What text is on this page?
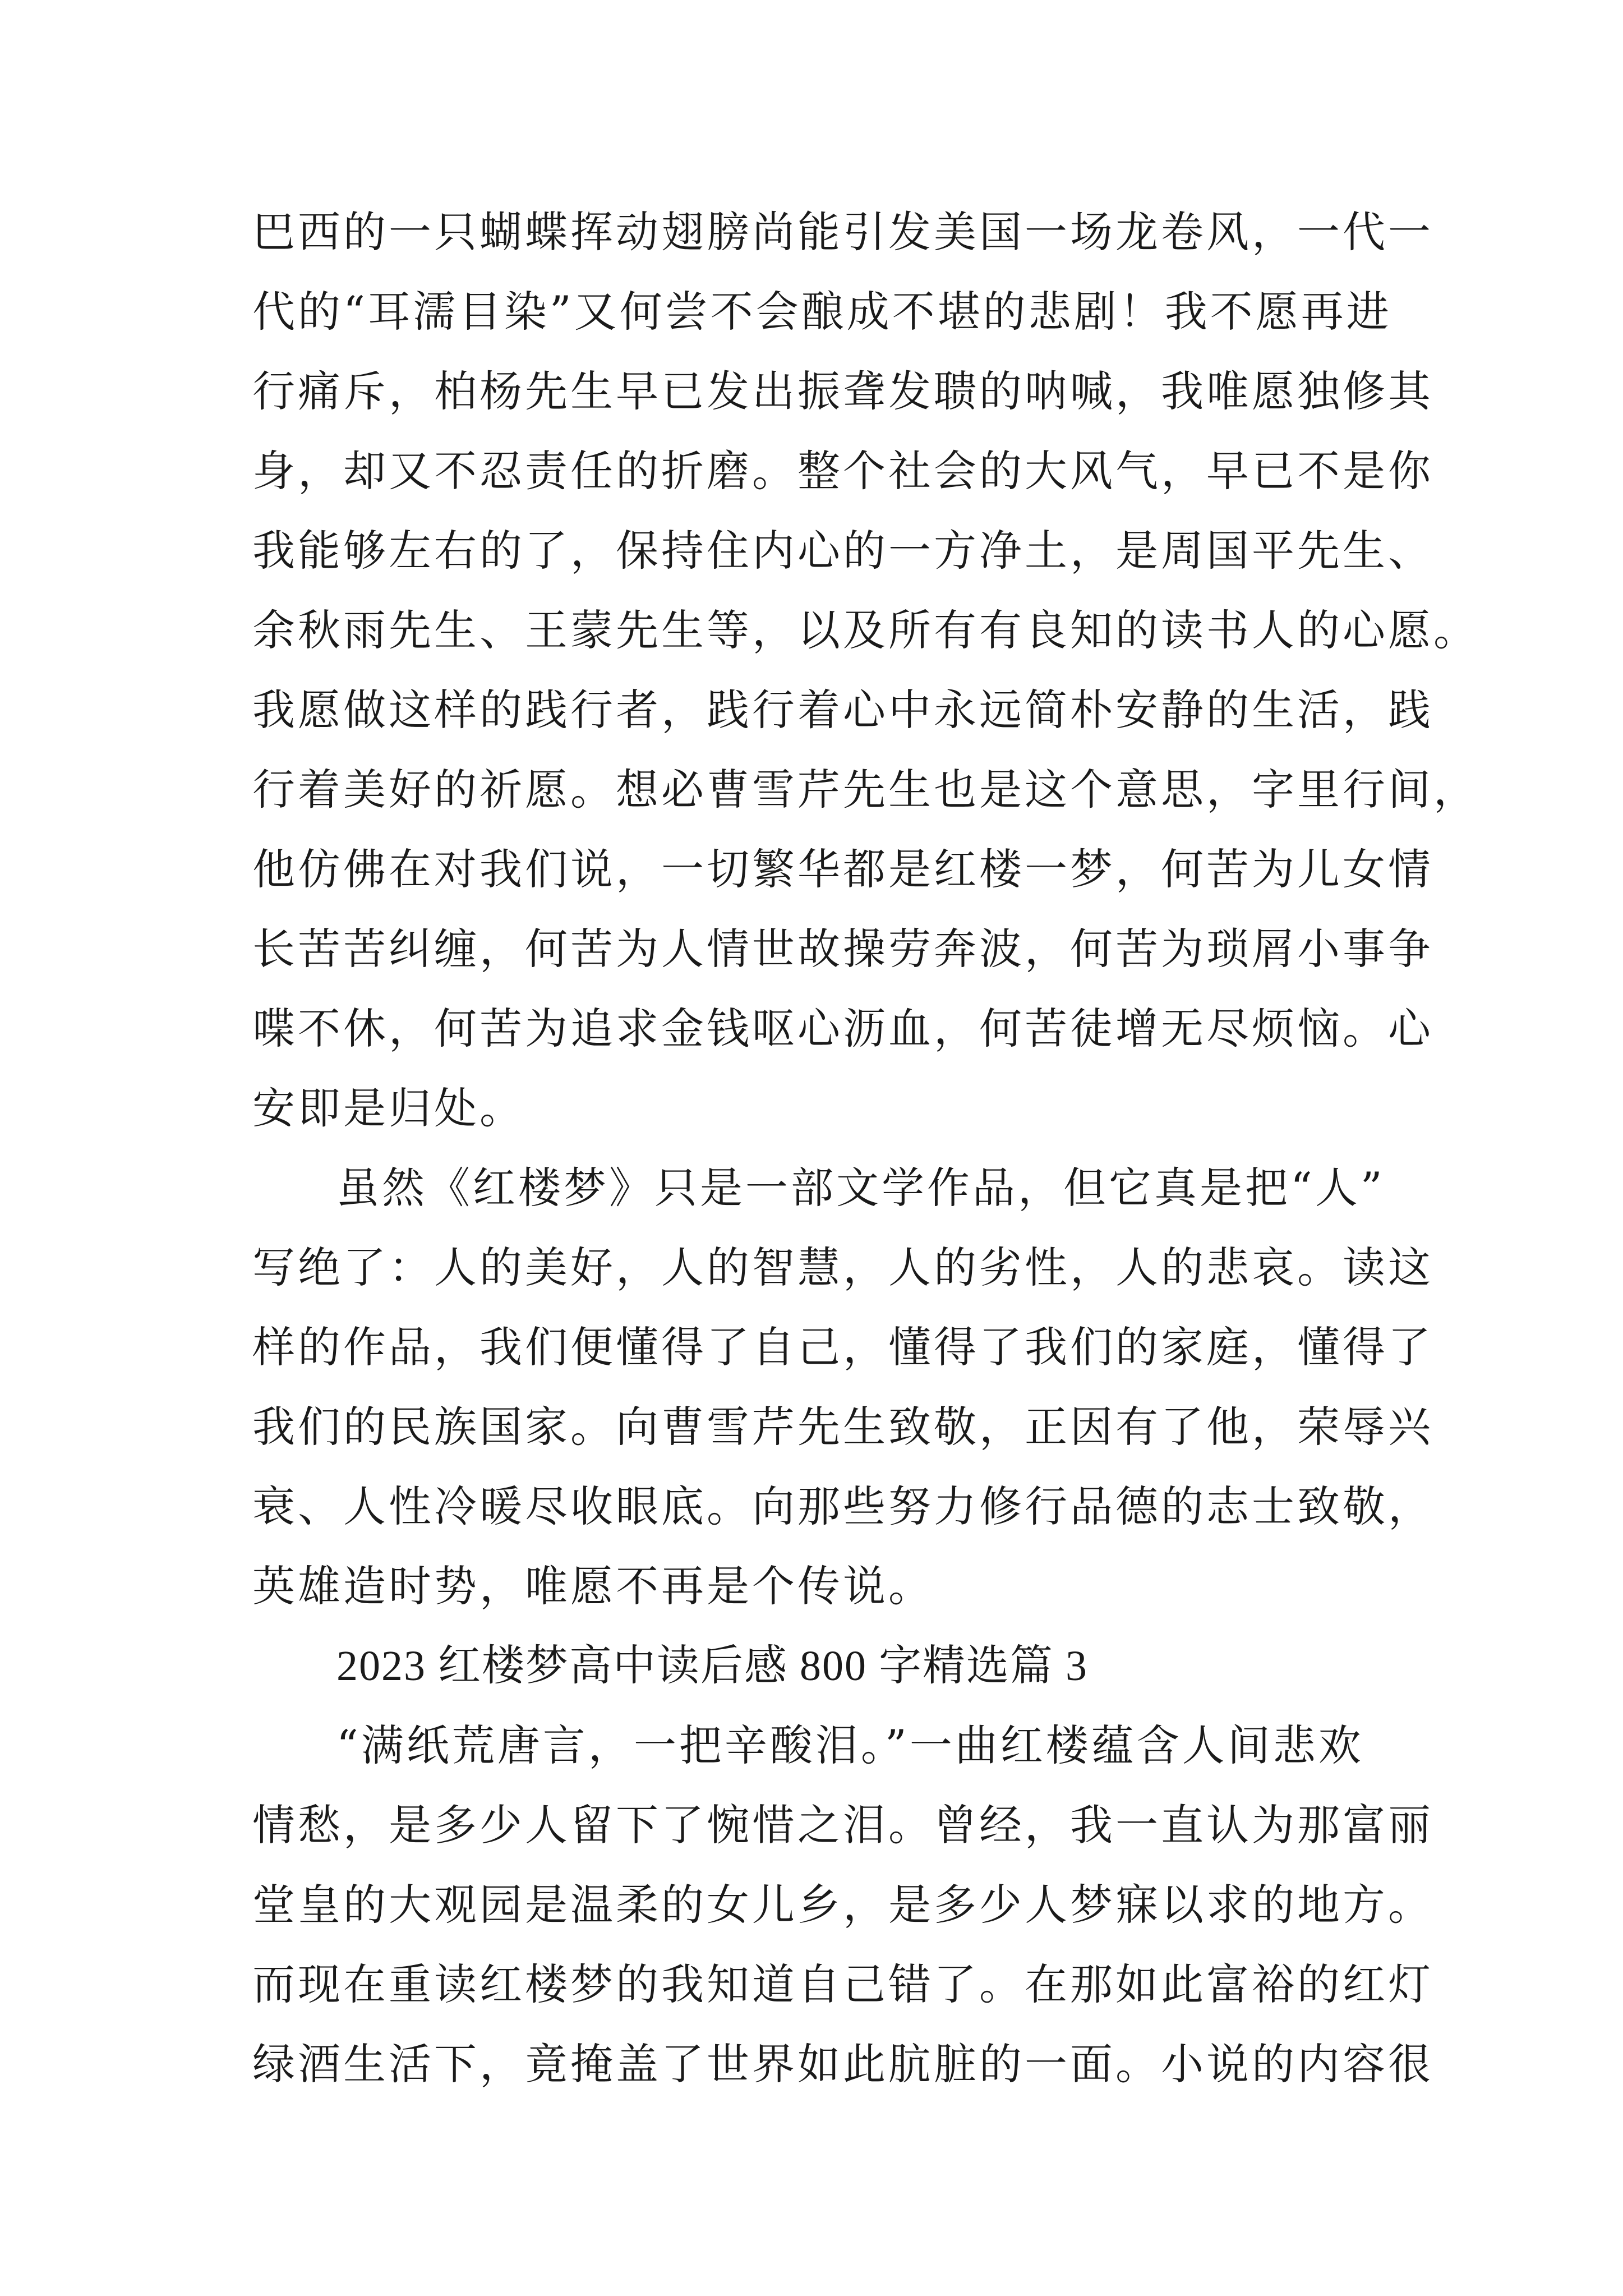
巴西的一只蝴蝶挥动翅膀尚能引发美国一场龙卷风，一代一
代的“耳濡目染”又何尝不会酿成不堪的悲剧！我不愿再进
行痛斥，柏杨先生早已发出振聋发聩的呐喊，我唯愿独修其
身，却又不忍责任的折磨。整个社会的大风气，早已不是你
我能够左右的了，保持住内心的一方净土，是周国平先生、
余秋雨先生、王蒙先生等，以及所有有良知的读书人的心愿。
我愿做这样的践行者，践行着心中永远简朴安静的生活，践
行着美好的祈愿。想必曹雪芹先生也是这个意思，字里行间，
他仿佛在对我们说，一切繁华都是红楼一梦，何苦为儿女情
长苦苦纠缠，何苦为人情世故操劳奔波，何苦为琐屑小事争
喋不休，何苦为追求金钱呕心沥血，何苦徒增无尽烦恼。心
安即是归处。
虽然《红楼梦》只是一部文学作品，但它真是把“人”
写绝了：人的美好，人的智慧，人的劣性，人的悲哀。读这
样的作品，我们便懂得了自己，懂得了我们的家庭，懂得了
我们的民族国家。向曹雪芹先生致敬，正因有了他，荣辱兴
衰、人性冷暖尽收眼底。向那些努力修行品德的志士致敬，
英雄造时势，唯愿不再是个传说。
2023 红楼梦高中读后感 800 字精选篇 3
“满纸荒唐言，一把辛酸泪。”一曲红楼蕴含人间悲欢
情愁，是多少人留下了惋惜之泪。曾经，我一直认为那富丽
堂皇的大观园是温柔的女儿乡，是多少人梦寐以求的地方。
而现在重读红楼梦的我知道自己错了。在那如此富裕的红灯
绿酒生活下，竟掩盖了世界如此肮脏的一面。小说的内容很
